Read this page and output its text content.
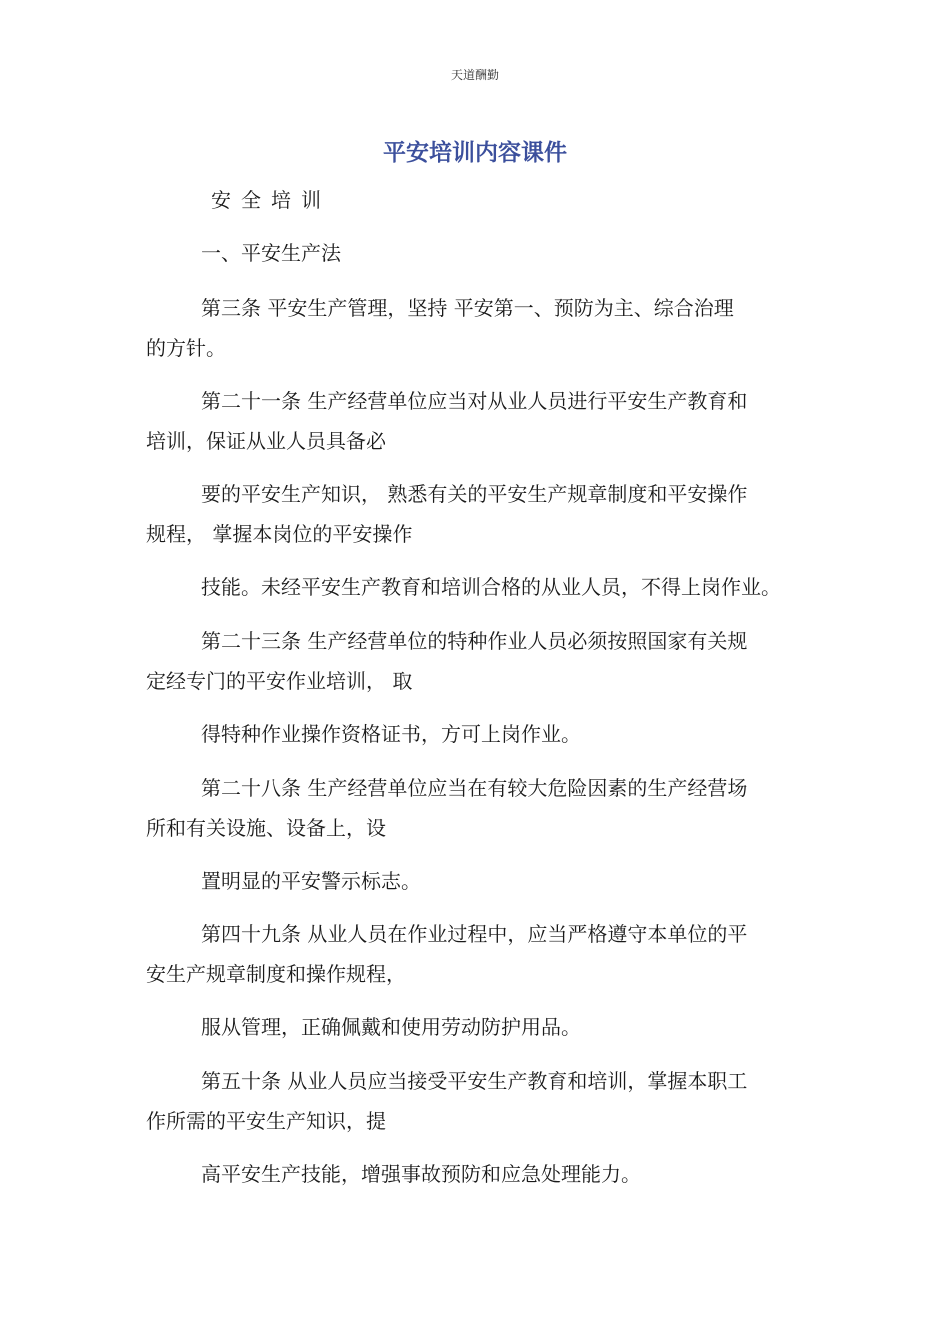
天道酬勤
平安培训内容课件
安全培训
一、平安生产法
第三条 平安生产管理，坚持 平安第一、预防为主、综合治理
的方针。
第二十一条 生产经营单位应当对从业人员进行平安生产教育和
培训，保证从业人员具备必
要的平安生产知识， 熟悉有关的平安生产规章制度和平安操作
规程， 掌握本岗位的平安操作
技能。未经平安生产教育和培训合格的从业人员，不得上岗作业。
第二十三条 生产经营单位的特种作业人员必须按照国家有关规
定经专门的平安作业培训， 取
得特种作业操作资格证书，方可上岗作业。
第二十八条 生产经营单位应当在有较大危险因素的生产经营场
所和有关设施、设备上，设
置明显的平安警示标志。
第四十九条 从业人员在作业过程中，应当严格遵守本单位的平
安生产规章制度和操作规程，
服从管理，正确佩戴和使用劳动防护用品。
第五十条 从业人员应当接受平安生产教育和培训，掌握本职工
作所需的平安生产知识，提
高平安生产技能，增强事故预防和应急处理能力。
